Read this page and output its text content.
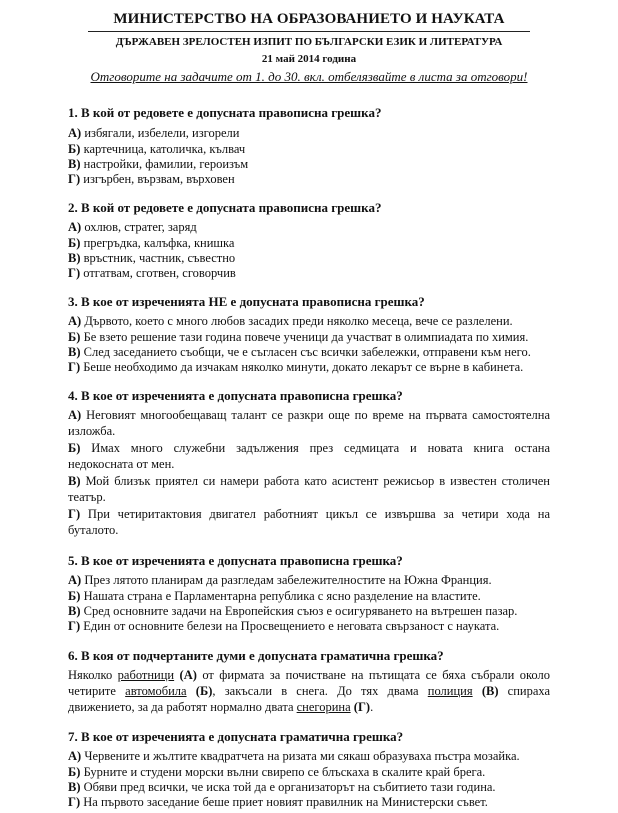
МИНИСТЕРСТВО НА ОБРАЗОВАНИЕТО И НАУКАТА
ДЪРЖАВЕН ЗРЕЛОСТЕН ИЗПИТ ПО БЪЛГАРСКИ ЕЗИК И ЛИТЕРАТУРА
21 май 2014 година
Отговорите на задачите от 1. до 30. вкл. отбелязвайте в листа за отговори!
1. В кой от редовете е допусната правописна грешка?
А) избягали, избелели, изгорели
Б) картечница, католичка, кълвач
В) настройки, фамилии, героизъм
Г) изгърбен, вързвам, върховен
2. В кой от редовете е допусната правописна грешка?
А) охлюв, стратег, заряд
Б) прегръдка, калъфка, книшка
В) връстник, частник, съвестно
Г) отгатвам, сготвен, сговорчив
3. В кое от изреченията НЕ е допусната правописна грешка?
А) Дървото, което с много любов засадих преди няколко месеца, вече се разлелени.
Б) Бе взето решение тази година повече ученици да участват в олимпиадата по химия.
В) След заседанието съобщи, че е съгласен със всички забележки, отправени към него.
Г) Беше необходимо да изчакам няколко минути, докато лекарът се върне в кабинета.
4. В кое от изреченията е допусната правописна грешка?
А) Неговият многообещаващ талант се разкри още по време на първата самостоятелна
изложба.
Б) Имах много служебни задължения през седмицата и новата книга остана
недокосната от мен.
В) Мой близък приятел си намери работа като асистент режисьор в известен столичен
театър.
Г) При четиритактовия двигател работният цикъл се извършва за четири хода на
буталото.
5. В кое от изреченията е допусната правописна грешка?
А) През лятото планирам да разгледам забележителностите на Южна Франция.
Б) Нашата страна е Парламентарна република с ясно разделение на властите.
В) Сред основните задачи на Европейския съюз е осигуряването на вътрешен пазар.
Г) Един от основните белези на Просвещението е неговата свързаност с науката.
6. В коя от подчертаните думи е допусната граматична грешка?
Няколко работници (А) от фирмата за почистване на пътищата се бяха събрали около
четирите автомобила (Б), закъсали в снега. До тях двама полиция (В) спираха
движението, за да работят нормално двата снегорина (Г).
7. В кое от изреченията е допусната граматична грешка?
А) Червените и жълтите квадратчета на ризата ми сякаш образуваха пъстра мозайка.
Б) Бурните и студени морски вълни свирепо се блъскаха в скалите край брега.
В) Обяви пред всички, че иска той да е организаторът на събитието тази година.
Г) На първото заседание беше приет новият правилник на Министерски съвет.
